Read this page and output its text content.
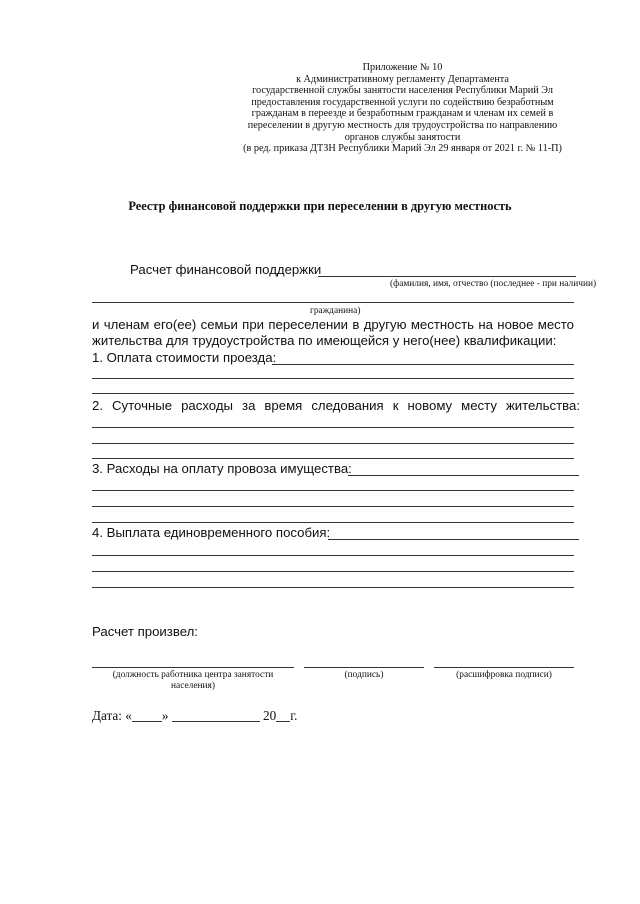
Приложение № 10
к Административному регламенту Департамента
государственной службы занятости населения Республики Марий Эл
предоставления государственной услуги по содействию безработным
гражданам в переезде и безработным гражданам и членам их семей в
переселении в другую местность для трудоустройства по направлению
органов службы занятости
(в ред. приказа ДТЗН Республики Марий Эл 29 января от 2021 г. № 11-П)
Реестр финансовой поддержки при переселении в другую местность
Расчет финансовой поддержки
(фамилия, имя, отчество (последнее - при наличии)
гражданина)
и членам его(ее) семьи при переселении в другую местность на новое место
жительства для трудоустройства по имеющейся у него(нее) квалификации:
1. Оплата стоимости проезда:
2. Суточные расходы за время следования к новому месту жительства:
3. Расходы на оплату провоза имущества:
4. Выплата единовременного пособия:
Расчет произвел:
(должность работника центра занятости
населения)
(подпись)	(расшифровка подписи)
Дата: « »	20 г.
